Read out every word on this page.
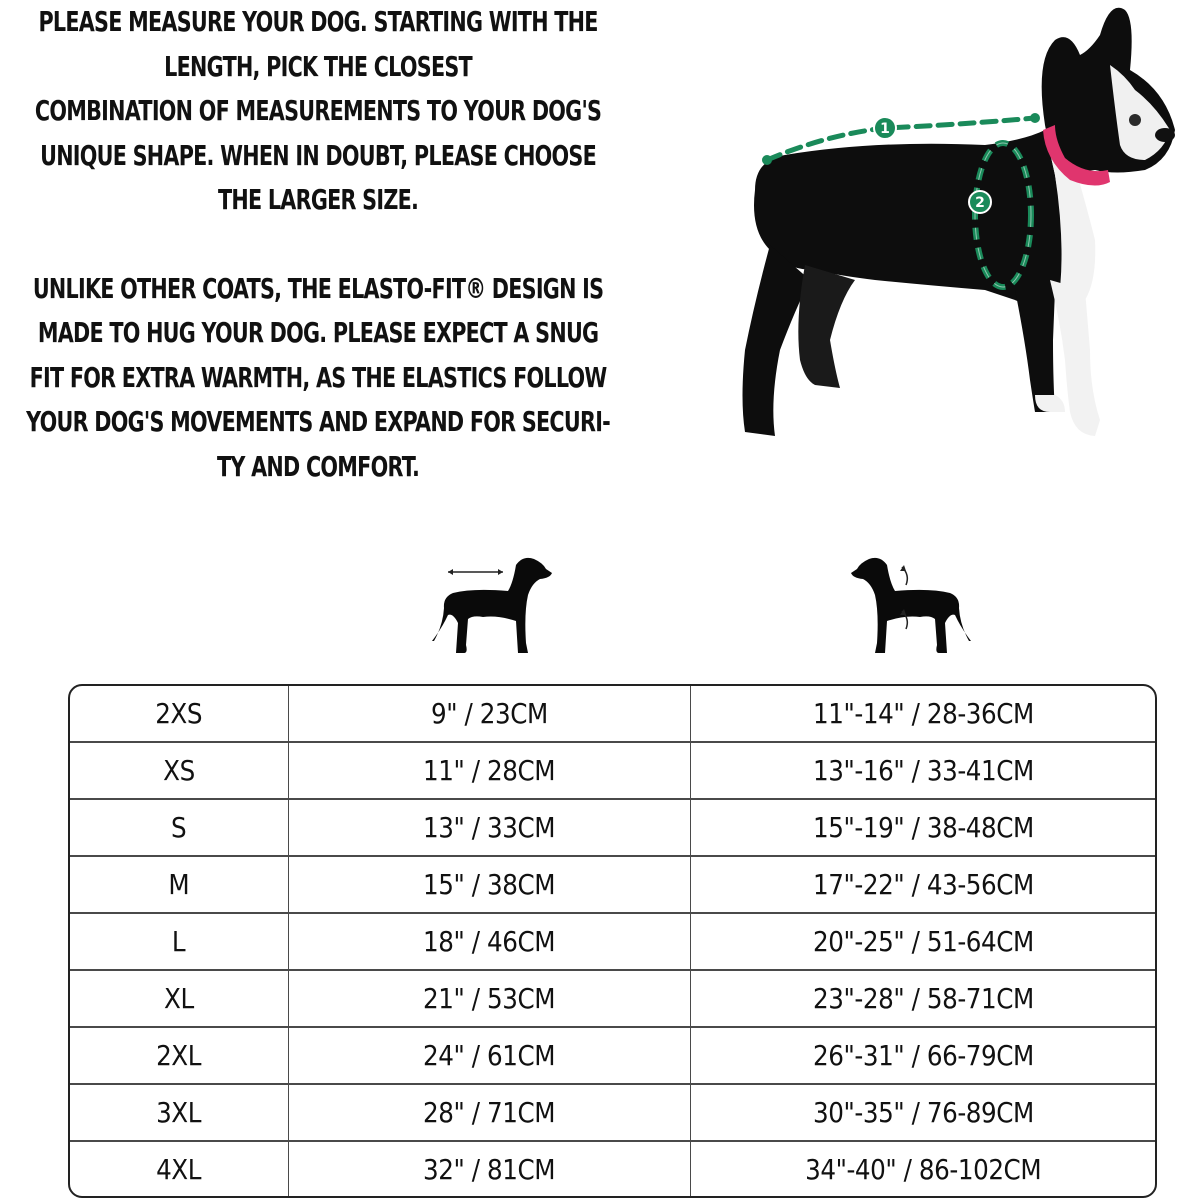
PLEASE MEASURE YOUR DOG. STARTING WITH THE
LENGTH, PICK THE CLOSEST
COMBINATION OF MEASUREMENTS TO YOUR DOG'S
UNIQUE SHAPE. WHEN IN DOUBT, PLEASE CHOOSE
THE LARGER SIZE.

UNLIKE OTHER COATS, THE ELASTO-FIT® DESIGN IS
MADE TO HUG YOUR DOG. PLEASE EXPECT A SNUG
FIT FOR EXTRA WARMTH, AS THE ELASTICS FOLLOW
YOUR DOG'S MOVEMENTS AND EXPAND FOR SECURI-
TY AND COMFORT.

1
2
2XS	9" / 23CM	11"-14" / 28-36CM
XS	11" / 28CM	13"-16" / 33-41CM
S	13" / 33CM	15"-19" / 38-48CM
M	15" / 38CM	17"-22" / 43-56CM
L	18" / 46CM	20"-25" / 51-64CM
XL	21" / 53CM	23"-28" / 58-71CM
2XL	24" / 61CM	26"-31" / 66-79CM
3XL	28" / 71CM	30"-35" / 76-89CM
4XL	32" / 81CM	34"-40" / 86-102CM
